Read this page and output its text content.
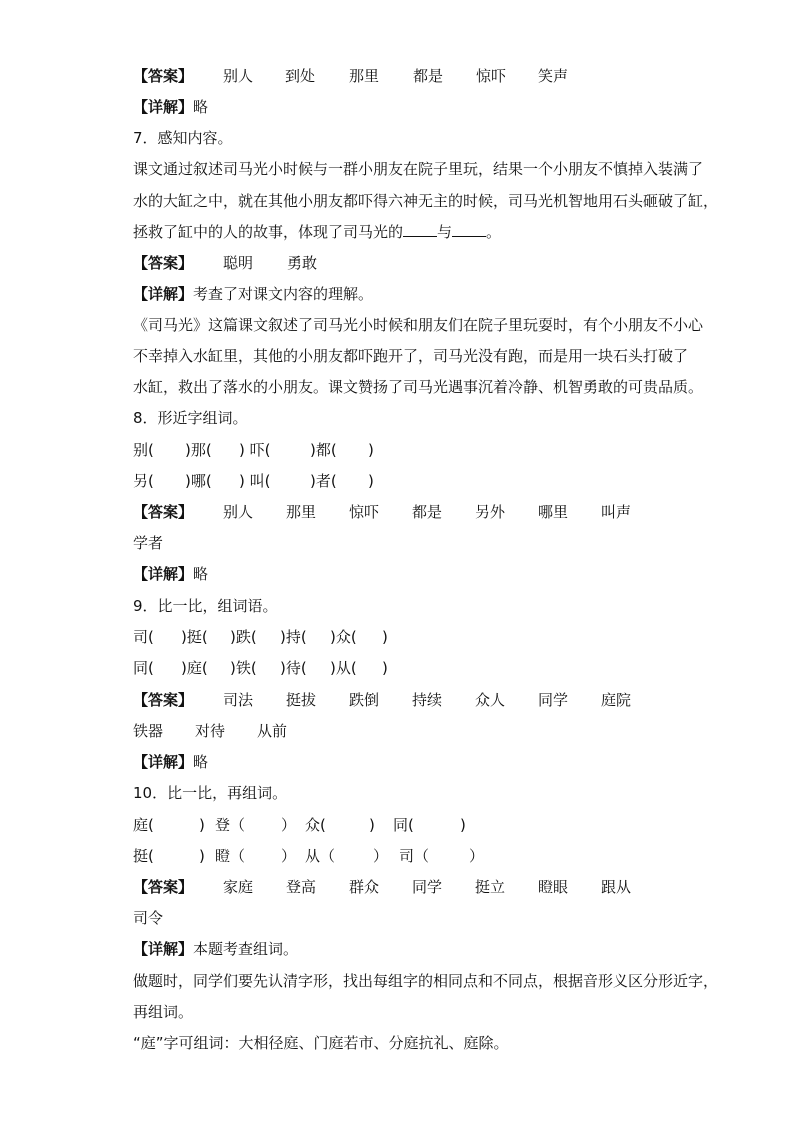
【答案】 别人 到处 那里 都是 惊吓 笑声
【详解】略
7．感知内容。
课文通过叙述司马光小时候与一群小朋友在院子里玩，结果一个小朋友不慎掉入装满了
水的大缸之中，就在其他小朋友都吓得六神无主的时候，司马光机智地用石头砸破了缸，
拯救了缸中的人的故事，体现了司马光的 与 。
【答案】 聪明 勇敢
【详解】考查了对课文内容的理解。
《司马光》这篇课文叙述了司马光小时候和朋友们在院子里玩耍时，有个小朋友不小心
不幸掉入水缸里，其他的小朋友都吓跑开了，司马光没有跑，而是用一块石头打破了
水缸，救出了落水的小朋友。课文赞扬了司马光遇事沉着冷静、机智勇敢的可贵品质。
8．形近字组词。
别( )那( ) 吓(	)都( )
另( )哪( ) 叫(	)者( )
【答案】 别人 那里 惊吓 都是 另外 哪里 叫声
学者
【详解】略
9．比一比，组词语。
司( )挺( )跌( )持( )众( )
同( )庭( )铁( )待( )从( )
【答案】 司法 挺拔 跌倒 持续 众人 同学 庭院
铁器 对待 从前
【详解】略
10．比一比，再组词。
庭(	) 登（ ） 众(	) 同(	)
挺(	) 瞪（ ） 从（	） 司（	）
【答案】 家庭 登高 群众 同学 挺立 瞪眼 跟从
司令
【详解】本题考查组词。
做题时，同学们要先认清字形，找出每组字的相同点和不同点，根据音形义区分形近字，
再组词。
“庭”字可组词：大相径庭、门庭若市、分庭抗礼、庭除。
